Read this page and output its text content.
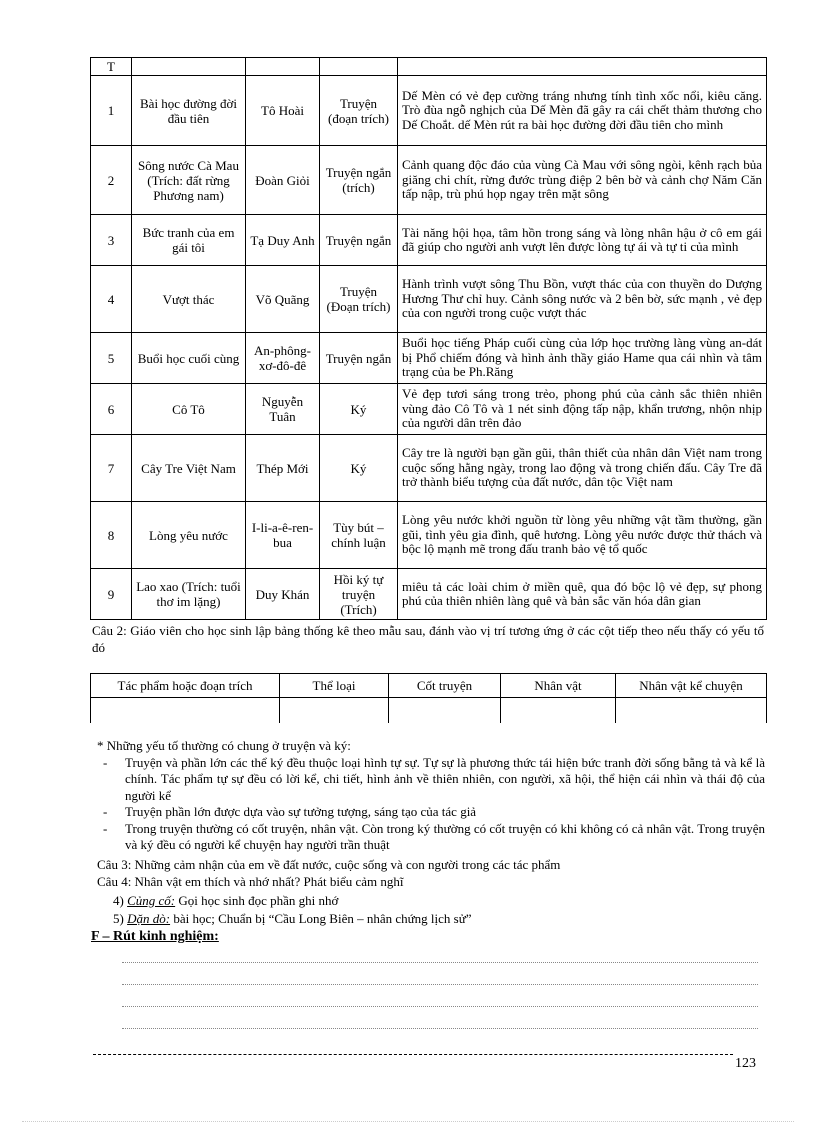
T				
1	Bài học đường đời đầu tiên	Tô Hoài	Truyện (đoạn trích)	Dế Mèn có vẻ đẹp cường tráng nhưng tính tình xốc nổi, kiêu căng. Trò đùa ngỗ nghịch của Dế Mèn đã gây ra cái chết thảm thương cho Dế Choắt. dế Mèn rút ra bài học đường đời đầu tiên cho mình
2	Sông nước Cà Mau (Trích: đất rừng Phương nam)	Đoàn Giỏi	Truyện ngắn (trích)	Cảnh quang độc đáo của vùng Cà Mau với sông ngòi, kênh rạch bủa giăng chi chít, rừng đước trùng điệp 2 bên bờ và cảnh chợ Năm Căn tấp nập, trù phú họp ngay trên mặt sông
3	Bức tranh của em gái tôi	Tạ Duy Anh	Truyện ngắn	Tài năng hội họa, tâm hồn trong sáng và lòng nhân hậu ở cô em gái đã giúp cho người anh vượt lên được lòng tự ái và tự ti của mình
4	Vượt thác	Võ Quãng	Truyện (Đoạn trích)	Hành trình vượt sông Thu Bồn, vượt thác của con thuyền do Dượng Hương Thư chỉ huy. Cảnh sông nước và 2 bên bờ, sức mạnh , vẻ đẹp của con người trong cuộc vượt thác
5	Buổi học cuối cùng	An-phông-xơ-đô-đê	Truyện ngắn	Buổi học tiếng Pháp cuối cùng của lớp học trường làng vùng an-dát bị Phổ chiếm đóng và hình ảnh thầy giáo Hame qua cái nhìn và tâm trạng của be Ph.Răng
6	Cô Tô	Nguyễn Tuân	Ký	Vẻ đẹp tươi sáng trong trẻo, phong phú của cảnh sắc thiên nhiên vùng đảo Cô Tô và 1 nét sinh động tấp nập, khẩn trương, nhộn nhịp của người dân trên đảo
7	Cây Tre Việt Nam	Thép Mới	Ký	Cây tre là người bạn gần gũi, thân thiết của nhân dân Việt nam trong cuộc sống hằng ngày, trong lao động và trong chiến đấu. Cây Tre đã trở thành biểu tượng của đất nước, dân tộc Việt nam
8	Lòng yêu nước	I-li-a-ê-ren-bua	Tùy bút – chính luận	Lòng yêu nước khởi nguồn từ lòng yêu những vật tầm thường, gần gũi, tình yêu gia đình, quê hương. Lòng yêu nước được thử thách và bộc lộ mạnh mẽ trong đấu tranh bảo vệ tổ quốc
9	Lao xao (Trích: tuổi thơ im lặng)	Duy Khán	Hồi ký tự truyện (Trích)	miêu tả các loài chim ở miền quê, qua đó bộc lộ vẻ đẹp, sự phong phú của thiên nhiên làng quê và bản sắc văn hóa dân gian
Câu 2: Giáo viên cho học sinh lập bảng thống kê theo mẫu sau, đánh vào vị trí tương ứng ở các cột tiếp theo nếu thấy có yếu tố đó
Tác phẩm hoặc đoạn trích	Thể loại	Cốt truyện	Nhân vật	Nhân vật kể chuyện

* Những yếu tố thường có chung ở truyện và ký:
- Truyện và phần lớn các thể ký đều thuộc loại hình tự sự. Tự sự là phương thức tái hiện bức tranh đời sống bằng tả và kể là chính. Tác phẩm tự sự đều có lời kể, chi tiết, hình ảnh về thiên nhiên, con người, xã hội, thể hiện cái nhìn và thái độ của người kể
- Truyện phần lớn được dựa vào sự tưởng tượng, sáng tạo của tác giả
- Trong truyện thường có cốt truyện, nhân vật. Còn trong ký thường có cốt truyện có khi không có cả nhân vật. Trong truyện và ký đều có người kể chuyện hay người trần thuật
Câu 3: Những cảm nhận của em về đất nước, cuộc sống và con người trong các tác phẩm
Câu 4: Nhân vật em thích và nhớ nhất? Phát biểu cảm nghĩ
4) Củng cố: Gọi học sinh đọc phần ghi nhớ
5) Dặn dò: bài học; Chuẩn bị “Cầu Long Biên – nhân chứng lịch sử”
F – Rút kinh nghiệm:
123
